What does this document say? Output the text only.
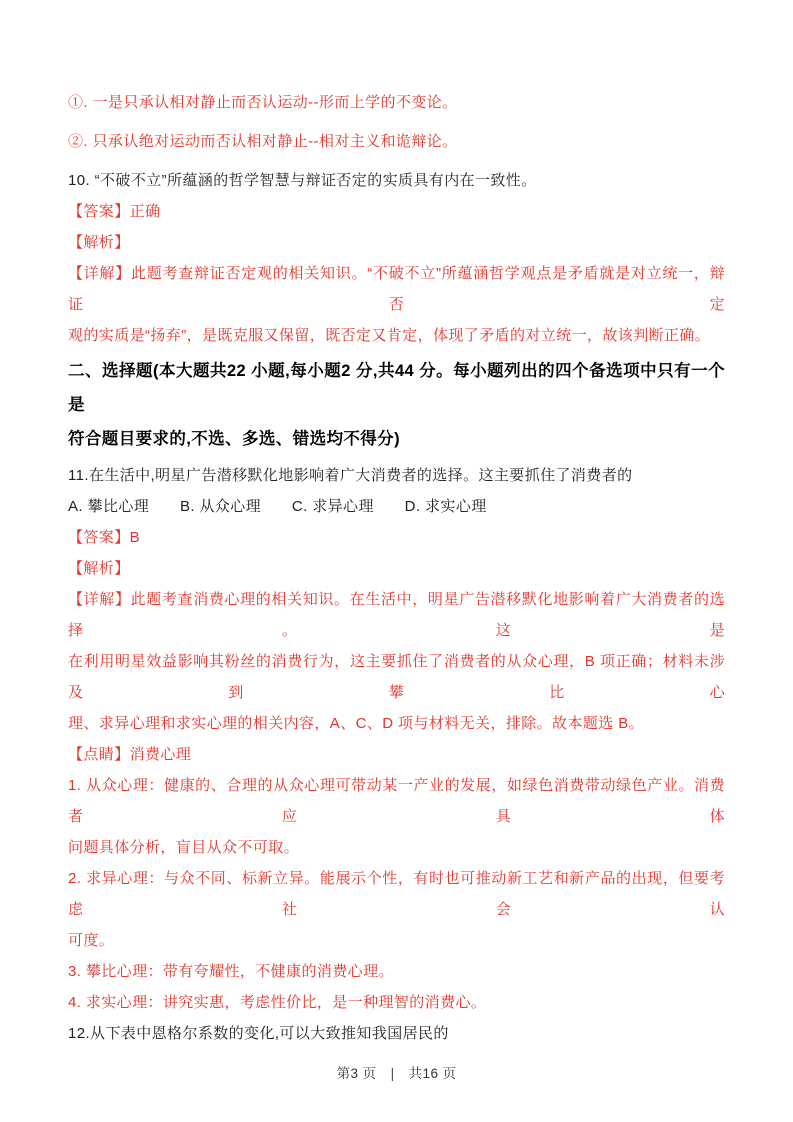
①. 一是只承认相对静止而否认运动--形而上学的不变论。
②. 只承认绝对运动而否认相对静止--相对主义和诡辩论。
10. “不破不立”所蕴涵的哲学智慧与辩证否定的实质具有内在一致性。
【答案】正确
【解析】
【详解】此题考查辩证否定观的相关知识。“不破不立”所蕴涵哲学观点是矛盾就是对立统一，辩证否定
观的实质是“扬弃”，是既克服又保留，既否定又肯定，体现了矛盾的对立统一，故该判断正确。
二、选择题(本大题共22 小题,每小题2 分,共44 分。每小题列出的四个备选项中只有一个是
符合题目要求的,不选、多选、错选均不得分)
11.在生活中,明星广告潜移默化地影响着广大消费者的选择。这主要抓住了消费者的
A. 攀比心理　　B. 从众心理　　C. 求异心理　　D. 求实心理
【答案】B
【解析】
【详解】此题考查消费心理的相关知识。在生活中，明星广告潜移默化地影响着广大消费者的选择。这是
在利用明星效益影响其粉丝的消费行为，这主要抓住了消费者的从众心理，B 项正确；材料未涉及到攀比心
理、求异心理和求实心理的相关内容，A、C、D 项与材料无关，排除。故本题选 B。
【点睛】消费心理
1. 从众心理：健康的、合理的从众心理可带动某一产业的发展，如绿色消费带动绿色产业。消费者应具体
问题具体分析，盲目从众不可取。
2. 求异心理：与众不同、标新立异。能展示个性，有时也可推动新工艺和新产品的出现，但要考虑社会认
可度。
3. 攀比心理：带有夸耀性，不健康的消费心理。
4. 求实心理：讲究实惠，考虑性价比，是一种理智的消费心。
12.从下表中恩格尔系数的变化,可以大致推知我国居民的
第3 页 | 共16 页
